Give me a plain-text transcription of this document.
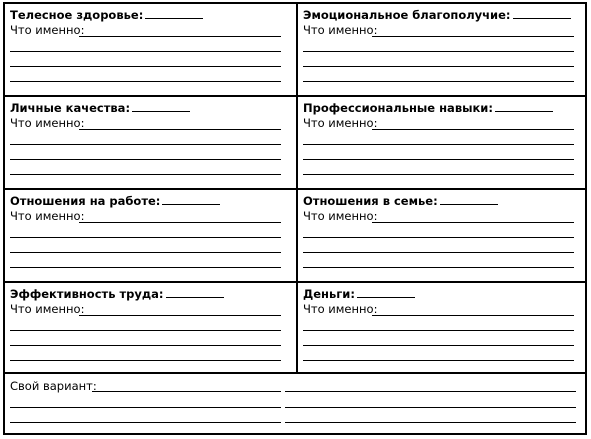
Телесное здоровье:
Что именно:
Эмоциональное благополучие:
Что именно:
Личные качества:
Что именно:
Профессиональные навыки:
Что именно:
Отношения на работе:
Что именно:
Отношения в семье:
Что именно:
Эффективность труда:
Что именно:
Деньги:
Что именно:
Свой вариант:
